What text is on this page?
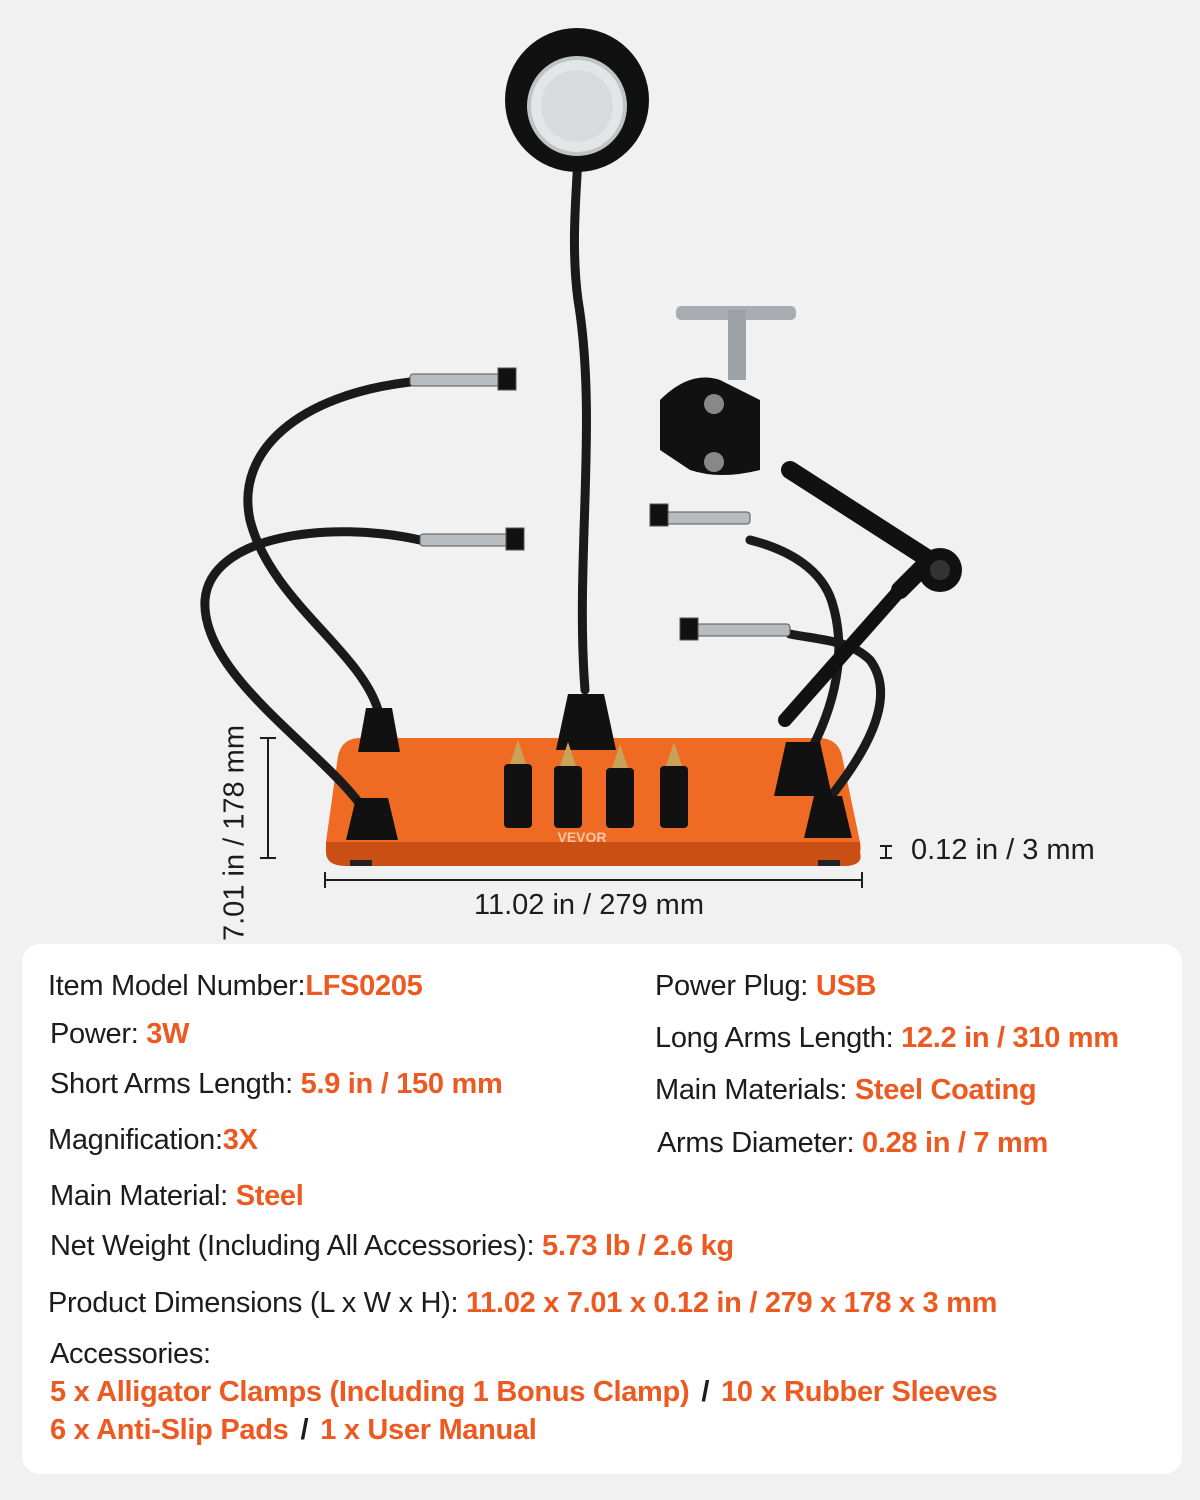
VEVOR
11.02 in / 279 mm
0.12 in / 3 mm
7.01 in / 178 mm
Item Model Number:LFS0205
Power: 3W
Short Arms Length: 5.9 in / 150 mm
Magnification:3X
Main Material: Steel
Power Plug: USB
Long Arms Length: 12.2 in / 310 mm
Main Materials: Steel Coating
Arms Diameter: 0.28 in / 7 mm
Net Weight (Including All Accessories): 5.73 lb / 2.6 kg
Product Dimensions (L x W x H): 11.02 x 7.01 x 0.12 in / 279 x 178 x 3 mm
Accessories:
5 x Alligator Clamps (Including 1 Bonus Clamp) / 10 x Rubber Sleeves
6 x Anti-Slip Pads / 1 x User Manual
